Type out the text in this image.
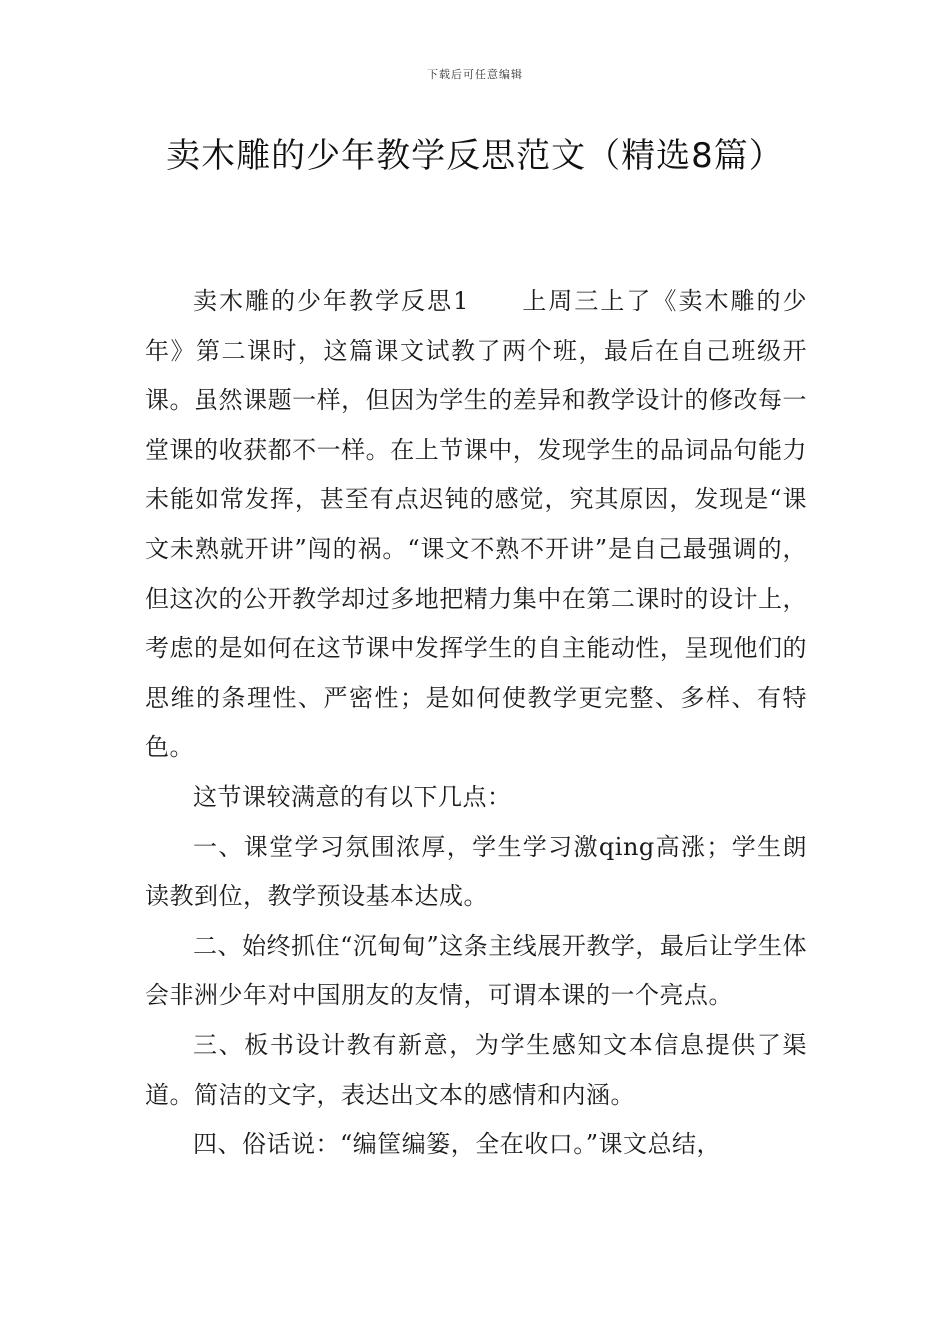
下载后可任意编辑
卖木雕的少年教学反思范文（精选8篇）

卖木雕的少年教学反思1　　上周三上了《卖木雕的少年》第二课时，这篇课文试教了两个班，最后在自己班级开课。虽然课题一样，但因为学生的差异和教学设计的修改每一堂课的收获都不一样。在上节课中，发现学生的品词品句能力未能如常发挥，甚至有点迟钝的感觉，究其原因，发现是“课文未熟就开讲”闯的祸。“课文不熟不开讲”是自己最强调的，但这次的公开教学却过多地把精力集中在第二课时的设计上，考虑的是如何在这节课中发挥学生的自主能动性，呈现他们的思维的条理性、严密性；是如何使教学更完整、多样、有特色。

这节课较满意的有以下几点：

一、课堂学习氛围浓厚，学生学习激qing高涨；学生朗读教到位，教学预设基本达成。

二、始终抓住“沉甸甸”这条主线展开教学，最后让学生体会非洲少年对中国朋友的友情，可谓本课的一个亮点。

三、板书设计教有新意，为学生感知文本信息提供了渠道。简洁的文字，表达出文本的感情和内涵。

四、俗话说：“编筐编篓，全在收口。”课文总结，
